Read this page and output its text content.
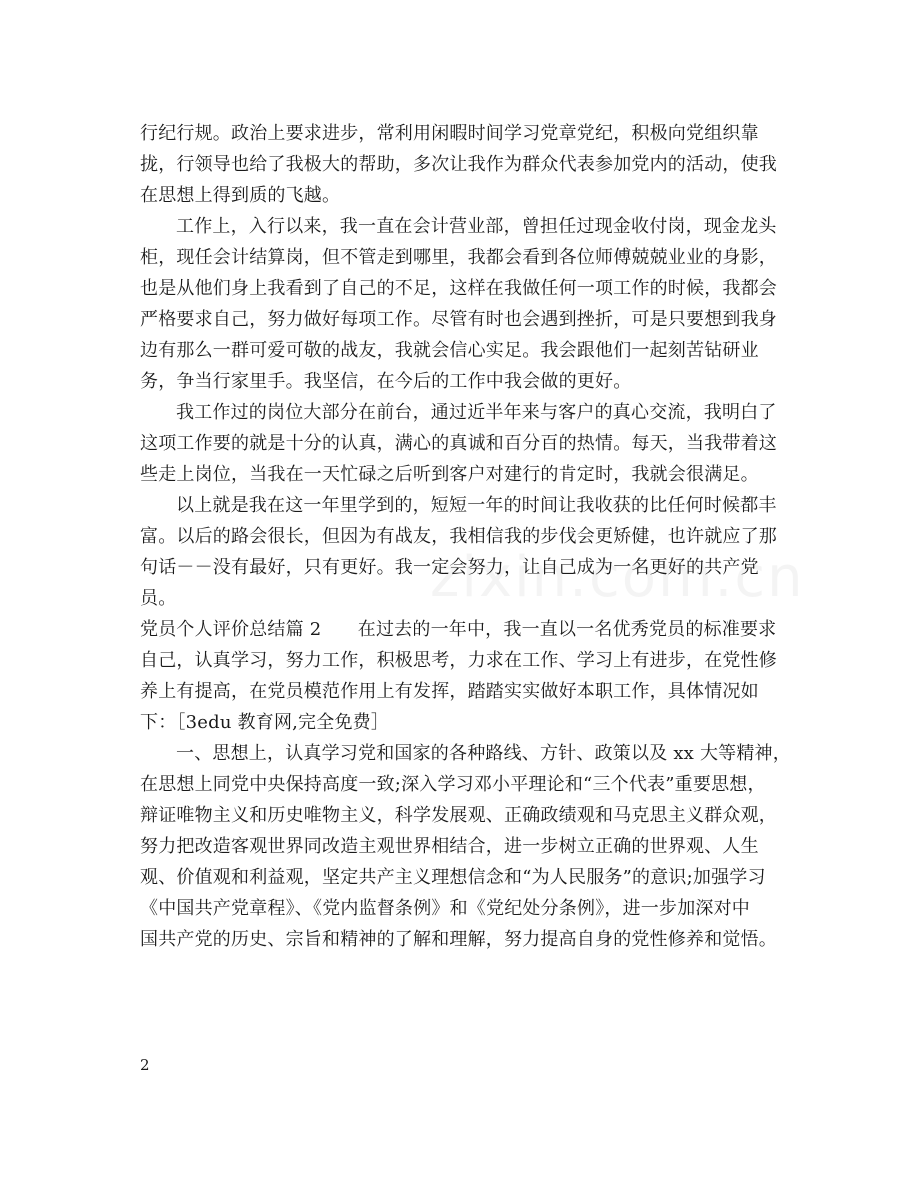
行纪行规。政治上要求进步，常利用闲暇时间学习党章党纪，积极向党组织靠
拢，行领导也给了我极大的帮助，多次让我作为群众代表参加党内的活动，使我
在思想上得到质的飞越。
工作上，入行以来，我一直在会计营业部，曾担任过现金收付岗，现金龙头
柜，现任会计结算岗，但不管走到哪里，我都会看到各位师傅兢兢业业的身影，
也是从他们身上我看到了自己的不足，这样在我做任何一项工作的时候，我都会
严格要求自己，努力做好每项工作。尽管有时也会遇到挫折，可是只要想到我身
边有那么一群可爱可敬的战友，我就会信心实足。我会跟他们一起刻苦钻研业
务，争当行家里手。我坚信，在今后的工作中我会做的更好。
我工作过的岗位大部分在前台，通过近半年来与客户的真心交流，我明白了
这项工作要的就是十分的认真，满心的真诚和百分百的热情。每天，当我带着这
些走上岗位，当我在一天忙碌之后听到客户对建行的肯定时，我就会很满足。
以上就是我在这一年里学到的，短短一年的时间让我收获的比任何时候都丰
富。以后的路会很长，但因为有战友，我相信我的步伐会更矫健，也许就应了那
句话－－没有最好，只有更好。我一定会努力，让自己成为一名更好的共产党
员。
党员个人评价总结篇 2　　在过去的一年中，我一直以一名优秀党员的标准要求
自己，认真学习，努力工作，积极思考，力求在工作、学习上有进步，在党性修
养上有提高，在党员模范作用上有发挥，踏踏实实做好本职工作，具体情况如
下：［3edu 教育网,完全免费］
一、思想上，认真学习党和国家的各种路线、方针、政策以及 xx 大等精神，
在思想上同党中央保持高度一致;深入学习邓小平理论和“三个代表”重要思想，
辩证唯物主义和历史唯物主义，科学发展观、正确政绩观和马克思主义群众观，
努力把改造客观世界同改造主观世界相结合，进一步树立正确的世界观、人生
观、价值观和利益观，坚定共产主义理想信念和“为人民服务”的意识;加强学习
《中国共产党章程》、《党内监督条例》和《党纪处分条例》，进一步加深对中
国共产党的历史、宗旨和精神的了解和理解，努力提高自身的党性修养和觉悟。
2
